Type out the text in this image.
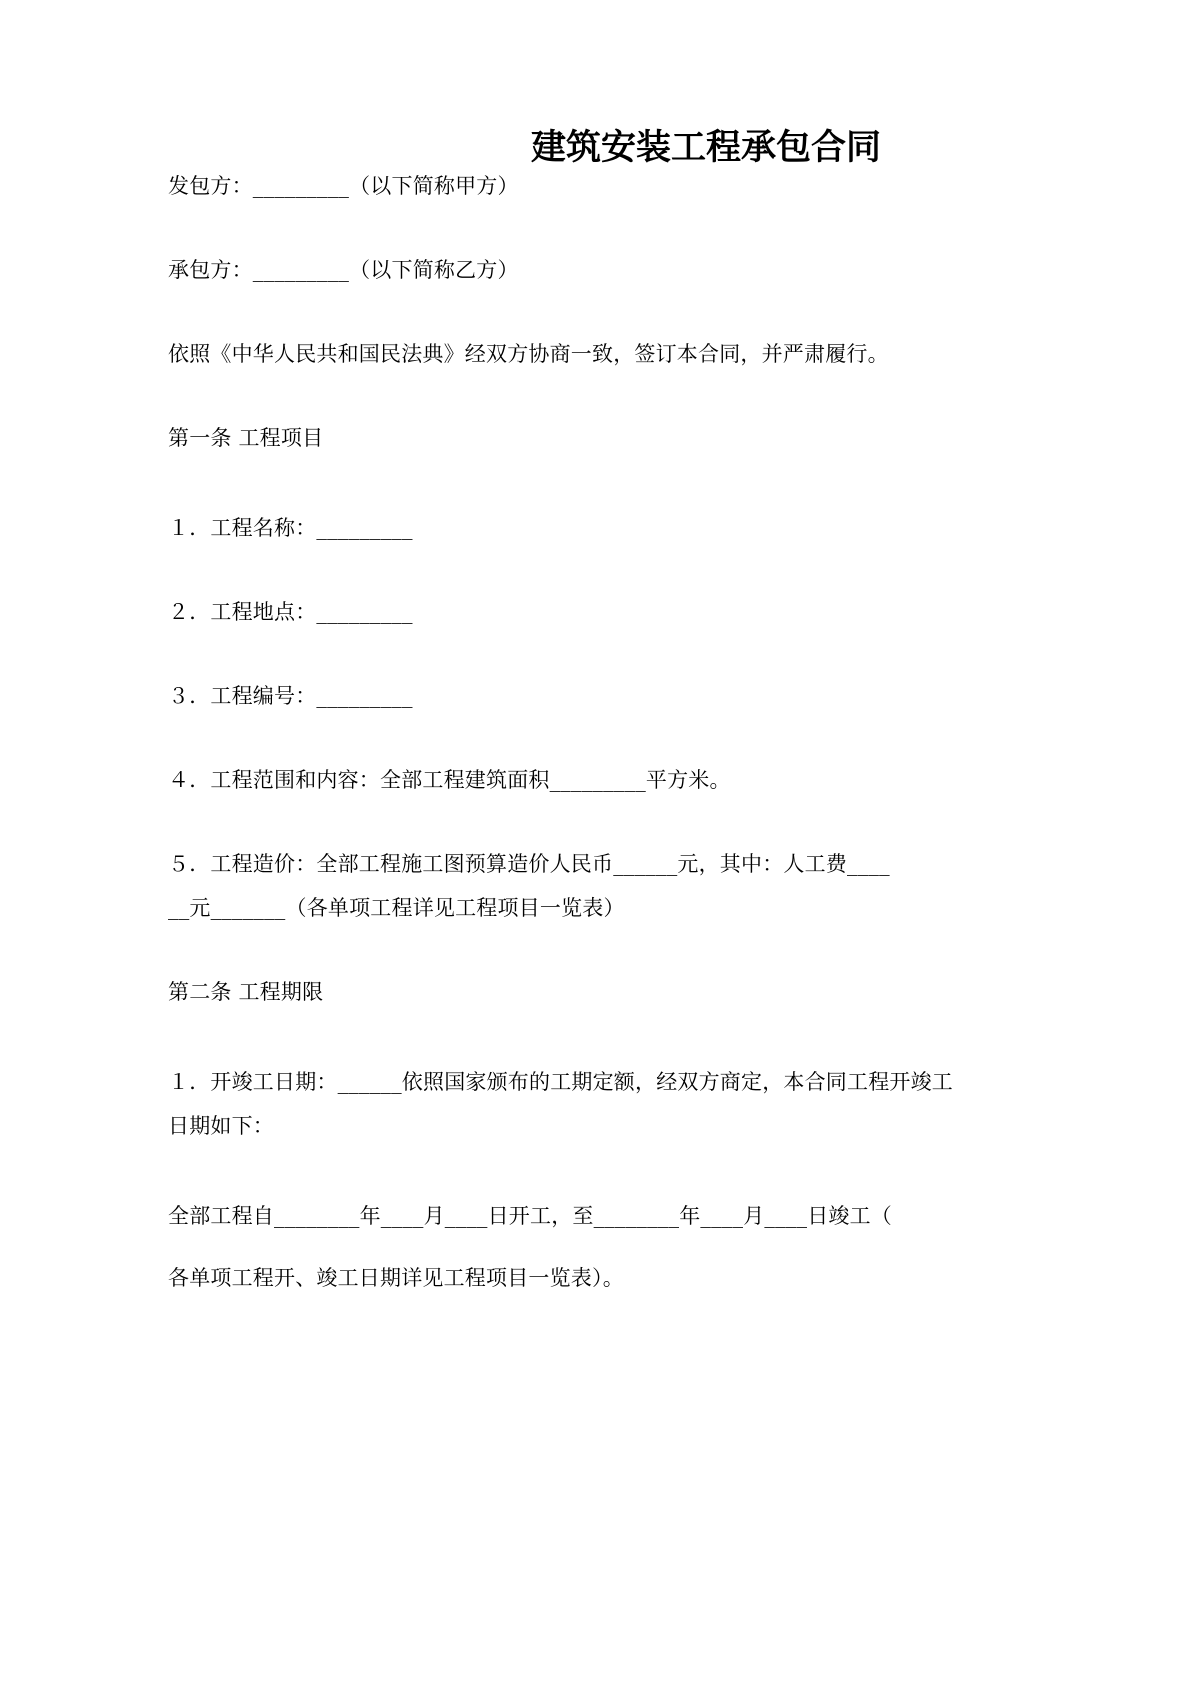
建筑安装工程承包合同

发包方：_________（以下简称甲方）

承包方：_________（以下简称乙方）

依照《中华人民共和国民法典》经双方协商一致，签订本合同，并严肃履行。

第一条 工程项目

１．工程名称：_________

２．工程地点：_________

３．工程编号：_________

４．工程范围和内容：全部工程建筑面积_________平方米。

５．工程造价：全部工程施工图预算造价人民币______元，其中：人工费____

__元_______（各单项工程详见工程项目一览表）

第二条 工程期限

１．开竣工日期：______依照国家颁布的工期定额，经双方商定，本合同工程开竣工

日期如下：

全部工程自________年____月____日开工，至________年____月____日竣工（

各单项工程开、竣工日期详见工程项目一览表）。
